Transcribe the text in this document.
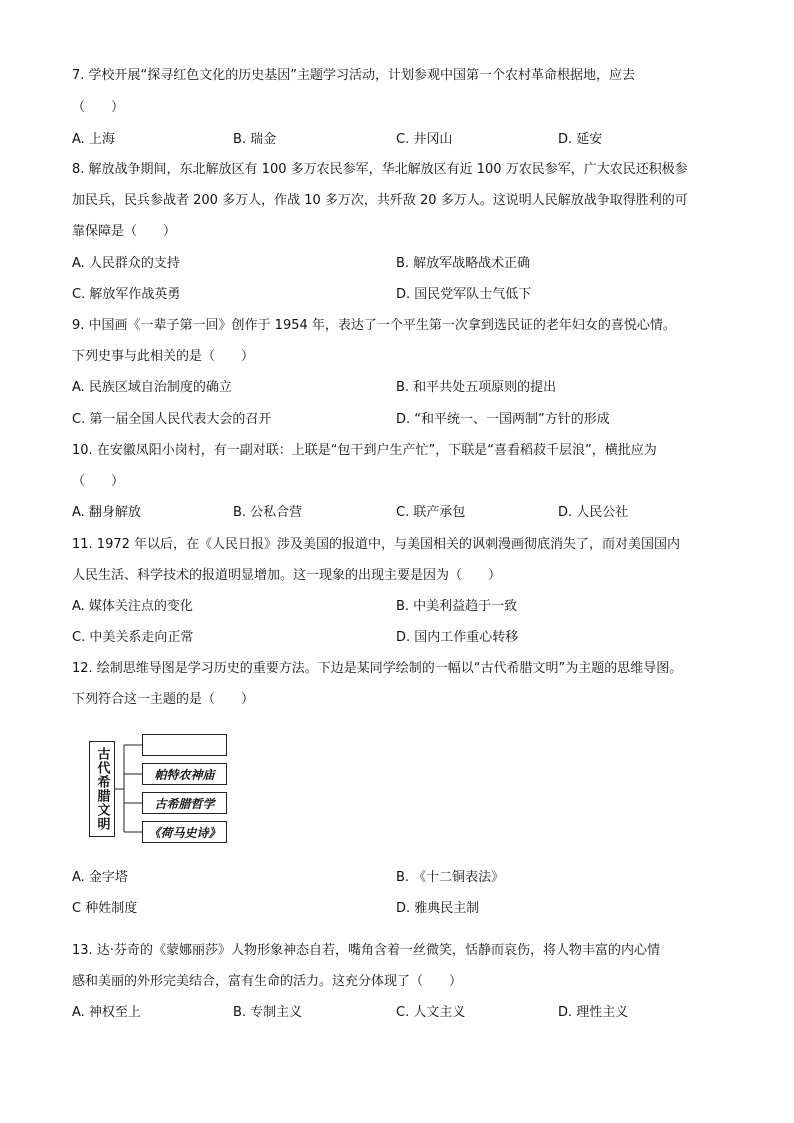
7. 学校开展“探寻红色文化的历史基因”主题学习活动，计划参观中国第一个农村革命根据地，应去
（　　）
A. 上海	B. 瑞金	C. 井冈山	D. 延安
8. 解放战争期间，东北解放区有 100 多万农民参军，华北解放区有近 100 万农民参军，广大农民还积极参
加民兵，民兵参战者 200 多万人，作战 10 多万次，共歼敌 20 多万人。这说明人民解放战争取得胜利的可
靠保障是（　　）
A. 人民群众的支持	B. 解放军战略战术正确
C. 解放军作战英勇	D. 国民党军队士气低下
9. 中国画《一辈子第一回》创作于 1954 年，表达了一个平生第一次拿到选民证的老年妇女的喜悦心情。
下列史事与此相关的是（　　）
A. 民族区域自治制度的确立	B. 和平共处五项原则的提出
C. 第一届全国人民代表大会的召开	D. “和平统一、一国两制”方针的形成
10. 在安徽凤阳小岗村，有一副对联：上联是“包干到户生产忙”，下联是“喜看稻菽千层浪”，横批应为
（　　）
A. 翻身解放	B. 公私合营	C. 联产承包	D. 人民公社
11. 1972 年以后，在《人民日报》涉及美国的报道中，与美国相关的讽刺漫画彻底消失了，而对美国国内
人民生活、科学技术的报道明显增加。这一现象的出现主要是因为（　　）
A. 媒体关注点的变化	B. 中美利益趋于一致
C. 中美关系走向正常	D. 国内工作重心转移
12. 绘制思维导图是学习历史的重要方法。下边是某同学绘制的一幅以“古代希腊文明”为主题的思维导图。
下列符合这一主题的是（　　）
古代希腊文明	帕特农神庙
古希腊哲学
《荷马史诗》
A. 金字塔	B. 《十二铜表法》
C 种姓制度	D. 雅典民主制
13. 达·芬奇的《蒙娜丽莎》人物形象神态自若，嘴角含着一丝微笑，恬静而哀伤，将人物丰富的内心情
感和美丽的外形完美结合，富有生命的活力。这充分体现了（　　）
A. 神权至上	B. 专制主义	C. 人文主义	D. 理性主义
